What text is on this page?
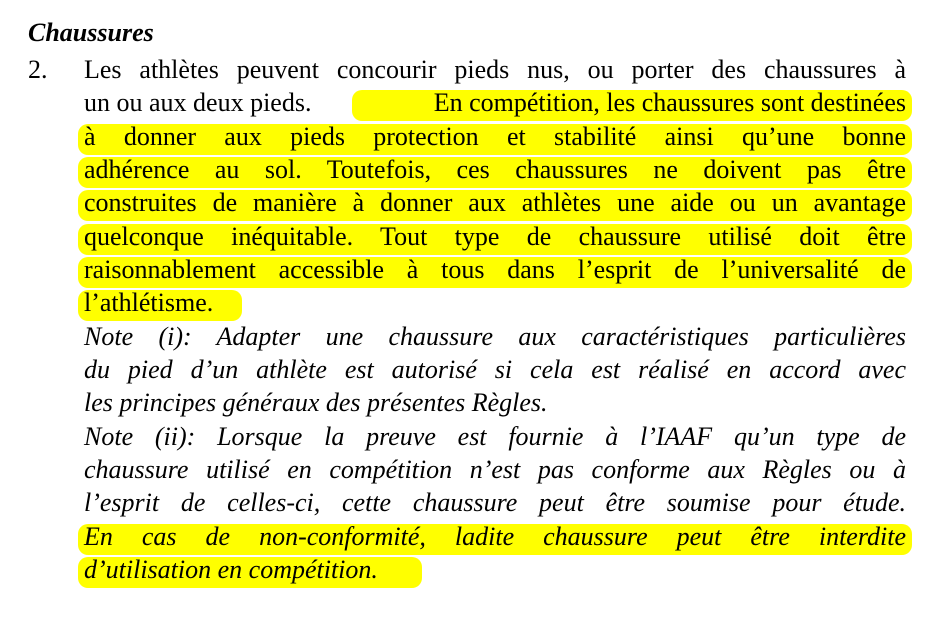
Chaussures
2. Les athlètes peuvent concourir pieds nus, ou porter des chaussures à
un ou aux deux pieds.	En compétition, les chaussures sont destinées
à donner aux pieds protection et stabilité ainsi qu’une bonne
adhérence au sol. Toutefois, ces chaussures ne doivent pas être
construites de manière à donner aux athlètes une aide ou un avantage
quelconque inéquitable. Tout type de chaussure utilisé doit être
raisonnablement accessible à tous dans l’esprit de l’universalité de
l’athlétisme.
Note (i): Adapter une chaussure aux caractéristiques particulières
du pied d’un athlète est autorisé si cela est réalisé en accord avec
les principes généraux des présentes Règles.
Note (ii): Lorsque la preuve est fournie à l’IAAF qu’un type de
chaussure utilisé en compétition n’est pas conforme aux Règles ou à
l’esprit de celles-ci, cette chaussure peut être soumise pour étude.
En cas de non-conformité, ladite chaussure peut être interdite
d’utilisation en compétition.
